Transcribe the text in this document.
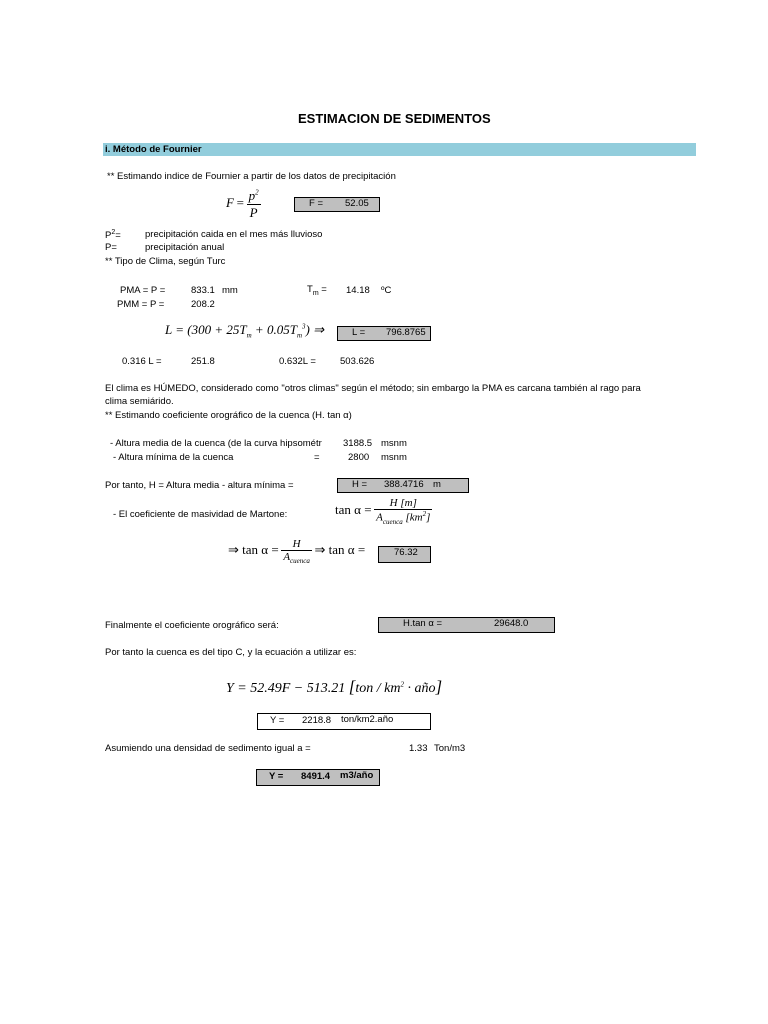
ESTIMACION DE SEDIMENTOS
i. Método de Fournier
** Estimando indice de Fournier a partir de los datos de precipitación
$F = \frac{p^2}{P}$	F = 52.05
$P^2=$	precipitación caida en el mes más lluvioso
P=	precipitación anual
** Tipo de Clima, según Turc
PMA = P =	833.1 mm	$T_m = 14.18$ ºC
PMM = P =	208.2
$L = (300 + 25T_m + 0.05T_m^3)$ ⇒	L = 796.8765
0.316 L =	251.8	0.632L =	503.626
El clima es HÚMEDO, considerado como "otros climas" según el método; sin embargo la PMA es carcana también al rago para
clima semiárido.
** Estimando coeficiente orográfico de la cuenca (H. tan α)
- Altura media de la cuenca (de la curva hipsométr 3188.5 msnm
- Altura mínima de la cuenca	=	2800 msnm
Por tanto, H = Altura media - altura mínima =	H = 388.4716 m
- El coeficiente de masividad de Martone:	$\tan \alpha = \frac{H [m]}{A_{cuenca} [km^2]}$
⇒ $\tan \alpha = \frac{H}{A_{cuenca}}$ ⇒ tan α =	76.32
Finalmente el coeficiente orográfico será:	H.tan α =	29648.0
Por tanto la cuenca es del tipo C, y la ecuación a utilizar es:
Y = 52.49F − 513.21 [$ton / km^2$ · año]
Y = 2218.8 ton/km2.año
Asumiendo una densidad de sedimento igual a =	1.33 Ton/m3
Y = 8491.4 m3/año
